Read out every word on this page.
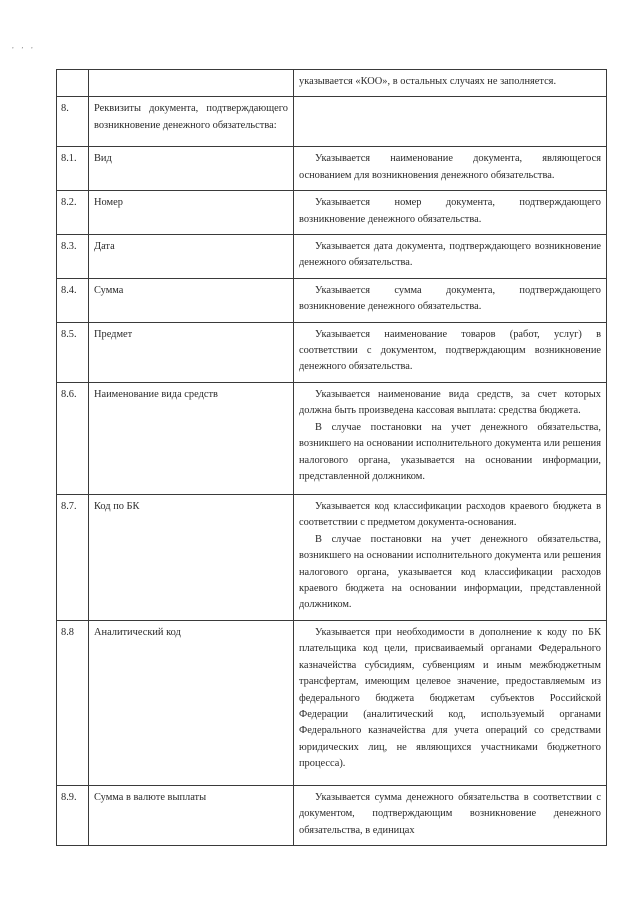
, , ,

		указывается «КОО», в остальных случаях не заполняется.

8.	Реквизиты документа, подтверждающего возникновение денежного обязательства:	

8.1.	Вид	Указывается наименование документа, являющегося основанием для возникновения денежного обязательства.

8.2.	Номер	Указывается номер документа, подтверждающего возникновение денежного обязательства.

8.3.	Дата	Указывается дата документа, подтверждающего возникновение денежного обязательства.

8.4.	Сумма	Указывается сумма документа, подтверждающего возникновение денежного обязательства.

8.5.	Предмет	Указывается наименование товаров (работ, услуг) в соответствии с документом, подтверждающим возникновение денежного обязательства.

8.6.	Наименование вида средств	Указывается наименование вида средств, за счет которых должна быть произведена кассовая выплата: средства бюджета.

В случае постановки на учет денежного обязательства, возникшего на основании исполнительного документа или решения налогового органа, указывается на основании информации, представленной должником.

8.7.	Код по БК	Указывается код классификации расходов краевого бюджета в соответствии с предметом документа-основания.

В случае постановки на учет денежного обязательства, возникшего на основании исполнительного документа или решения налогового органа, указывается код классификации расходов краевого бюджета на основании информации, представленной должником.

8.8	Аналитический код	Указывается при необходимости в дополнение к коду по БК плательщика код цели, присваиваемый органами Федерального казначейства субсидиям, субвенциям и иным межбюджетным трансфертам, имеющим целевое значение, предоставляемым из федерального бюджета бюджетам субъектов Российской Федерации (аналитический код, используемый органами Федерального казначейства для учета операций со средствами юридических лиц, не являющихся участниками бюджетного процесса).

8.9.	Сумма в валюте выплаты	Указывается сумма денежного обязательства в соответствии с документом, подтверждающим возникновение денежного обязательства, в единицах
